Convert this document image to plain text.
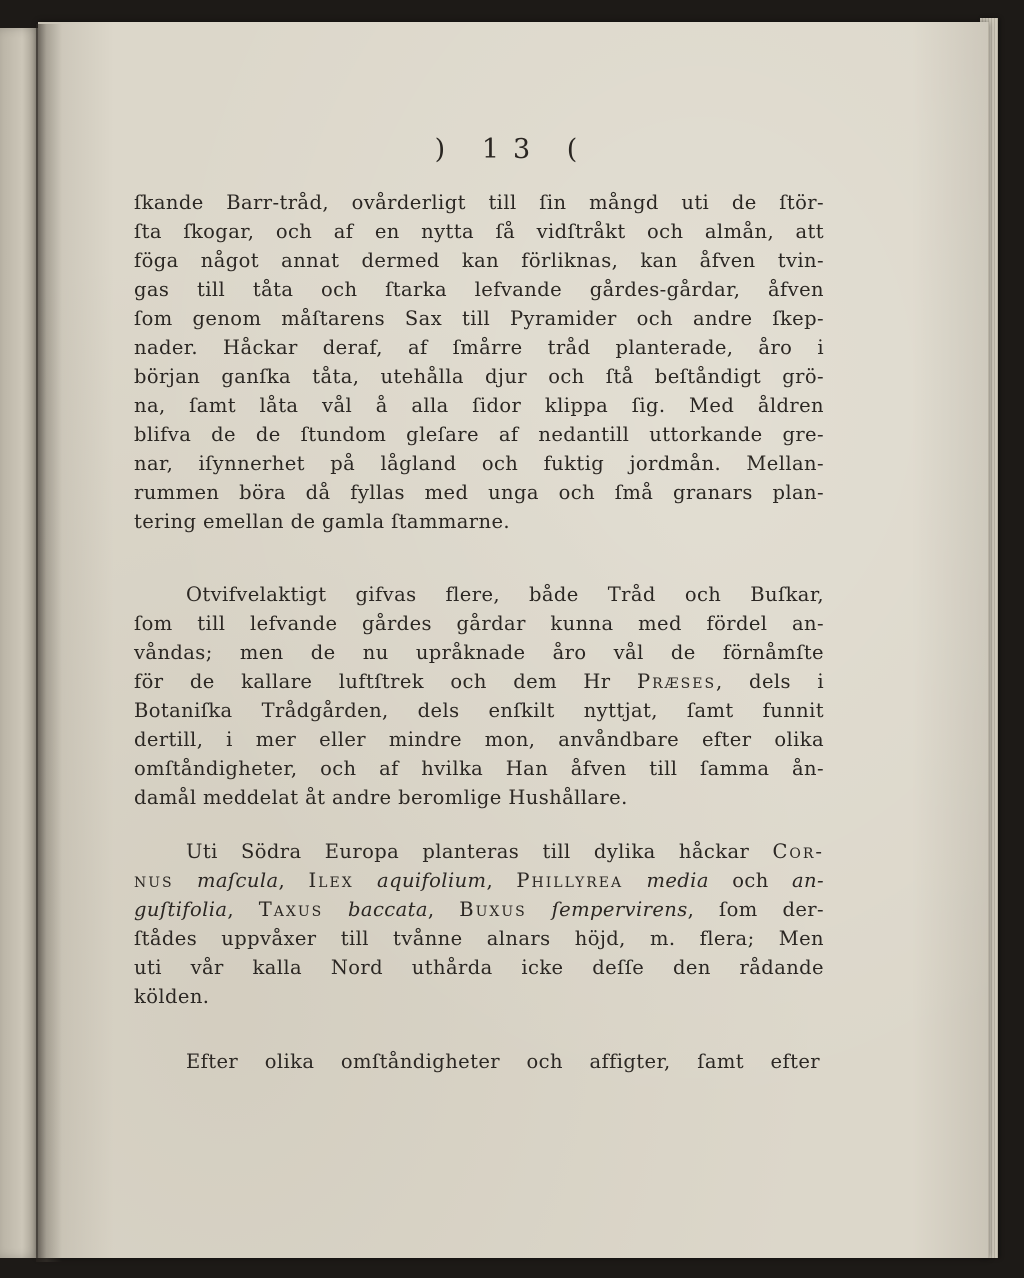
) 13 (
ſkande Barr-tråd, ovårderligt till ſin mångd uti de ſtör-
ſta ſkogar, och af en nytta ſå vidſtråkt och almån, att
föga något annat dermed kan förliknas, kan åfven tvin-
gas till tåta och ſtarka lefvande gårdes-gårdar, åfven
ſom genom måſtarens Sax till Pyramider och andre ſkep-
nader. Håckar deraf, af ſmårre tråd planterade, åro i
början ganſka tåta, utehålla djur och ſtå beſtåndigt grö-
na, ſamt låta vål å alla ſidor klippa ſig. Med åldren
blifva de de ſtundom gleſare af nedantill uttorkande gre-
nar, iſynnerhet på lågland och fuktig jordmån. Mellan-
rummen böra då fyllas med unga och ſmå granars plan-
tering emellan de gamla ſtammarne.
Otvifvelaktigt gifvas flere, både Tråd och Buſkar,
ſom till lefvande gårdes gårdar kunna med fördel an-
våndas; men de nu upråknade åro vål de förnåmſte
för de kallare luftſtrek och dem Hr Præses, dels i
Botaniſka Trådgården, dels enſkilt nyttjat, ſamt funnit
dertill, i mer eller mindre mon, anvåndbare efter olika
omſtåndigheter, och af hvilka Han åfven till ſamma ån-
damål meddelat åt andre beromlige Hushållare.
Uti Södra Europa planteras till dylika håckar Cor-
nus maſcula, Ilex aquifolium, Phillyrea media och an-
guſtifolia, Taxus baccata, Buxus ſempervirens, ſom der-
ſtådes uppvåxer till tvånne alnars höjd, m. flera; Men
uti vår kalla Nord uthårda icke deſſe den rådande
kölden.
Efter olika omſtåndigheter och affigter, ſamt efter
